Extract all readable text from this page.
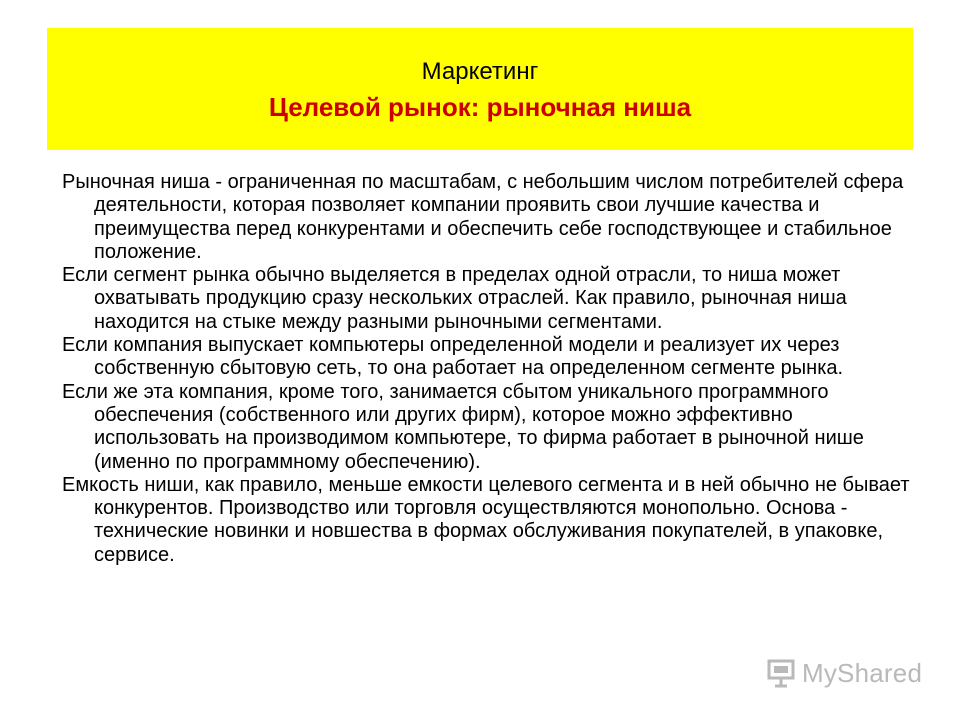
Маркетинг
Целевой рынок: рыночная ниша

Рыночная ниша - ограниченная по масштабам, с небольшим числом потребителей сфера деятельности, которая позволяет компании проявить свои лучшие качества и преимущества перед конкурентами и обеспечить себе господствующее и стабильное положение.

Если сегмент рынка обычно выделяется в пределах одной отрасли, то ниша может охватывать продукцию сразу нескольких отраслей. Как правило, рыночная ниша находится на стыке между разными рыночными сегментами.

Если компания выпускает компьютеры определенной модели и реализует их через собственную сбытовую сеть, то она работает на определенном сегменте рынка.

Если же эта компания, кроме того, занимается сбытом уникального программного обеспечения (собственного или других фирм), которое можно эффективно использовать на производимом компьютере, то фирма работает в рыночной нише (именно по программному обеспечению).

Емкость ниши, как правило, меньше емкости целевого сегмента и в ней обычно не бывает конкурентов. Производство или торговля осуществляются монопольно. Основа - технические новинки и новшества в формах обслуживания покупателей, в упаковке, сервисе.

MyShared
